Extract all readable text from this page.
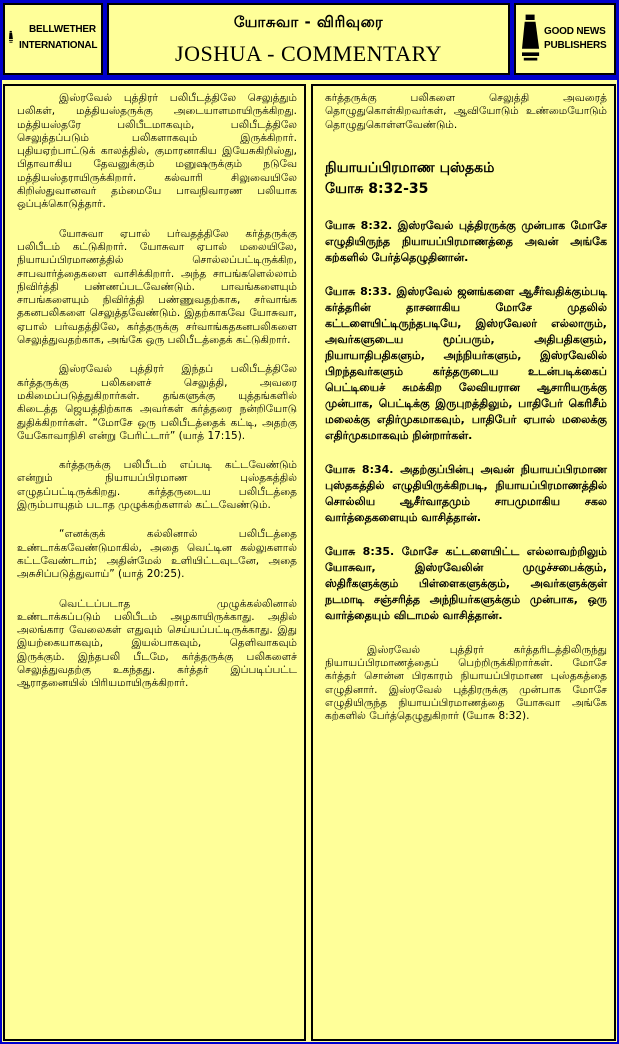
BELLWETHER
INTERNATIONAL
யோசுவா - விரிவுரை
JOSHUA - COMMENTARY
GOOD NEWS
PUBLISHERS

இஸ்ரவேல் புத்திரர் பலிபீடத்திலே செலுத்தும் பலிகள், மத்தியஸ்தருக்கு அடையாளமாயிருக்கிறது. மத்தியஸ்தரே பலிபீடமாகவும், பலிபீடத்திலே செலுத்தப்படும் பலிகளாகவும் இருக்கிறார். புதியஏற்பாட்டுக் காலத்தில், குமாரனாகிய இயேசுகிறிஸ்து, பிதாவாகிய தேவனுக்கும் மனுஷருக்கும் நடுவே மத்தியஸ்தராயிருக்கிறார். கல்வாரி சிலுவையிலே கிறிஸ்துவானவர் தம்மையே பாவநிவாரண பலியாக ஒப்புக்கொடுத்தார்.

யோசுவா ஏபால் பர்வதத்திலே கர்த்தருக்கு பலிபீடம் கட்டுகிறார். யோசுவா ஏபால் மலையிலே, நியாயப்பிரமாணத்தில் சொல்லப்பட்டிருக்கிற, சாபவார்த்தைகளை வாசிக்கிறார். அந்த சாபங்களெல்லாம் நிவிர்த்தி பண்ணப்படவேண்டும். பாவங்களையும் சாபங்களையும் நிவிர்த்தி பண்ணுவதற்காக, சர்வாங்க தகனபலிகளை செலுத்தவேண்டும். இதற்காகவே யோசுவா, ஏபால் பர்வதத்திலே, கர்த்தருக்கு சர்வாங்கதகனபலிகளை செலுத்துவதற்காக, அங்கே ஒரு பலிபீடத்தைக் கட்டுகிறார்.

இஸ்ரவேல் புத்திரர் இந்தப் பலிபீடத்திலே கர்த்தருக்கு பலிகளைச் செலுத்தி, அவரை மகிமைப்படுத்துகிறார்கள். தங்களுக்கு யுத்தங்களில் கிடைத்த ஜெயத்திற்காக அவர்கள் கர்த்தரை நன்றியோடு துதிக்கிறார்கள். “மோசே ஒரு பலிபீடத்தைக் கட்டி, அதற்கு யேகோவாநிசி என்று பேரிட்டார்” (யாத் 17:15).

கர்த்தருக்கு பலிபீடம் எப்படி கட்டவேண்டும் என்றும் நியாயப்பிரமாண புஸ்தகத்தில் எழுதப்பட்டிருக்கிறது. கர்த்தருடைய பலிபீடத்தை இரும்பாயுதம் படாத முழுக்கற்களால் கட்டவேண்டும்.

“எனக்குக் கல்லினால் பலிபீடத்தை உண்டாக்கவேண்டுமாகில், அதை வெட்டின கல்லுகளால் கட்டவேண்டாம்; அதின்மேல் உளியிட்டவுடனே, அதை அசுசிப்படுத்துவாய்” (யாத் 20:25).

வெட்டப்படாத முழுக்கல்லினால் உண்டாக்கப்படும் பலிபீடம் அழகாயிருக்காது. அதில் அலங்கார வேலைகள் எதுவும் செய்யப்பட்டிருக்காது. இது இயற்கையாகவும், இயல்பாகவும், தெளிவாகவும் இருக்கும். இந்தபலி பீடமே, கர்த்தருக்கு பலிகளைச் செலுத்துவதற்கு உகந்தது. கர்த்தர் இப்படிப்பட்ட ஆராதனையில் பிரியமாயிருக்கிறார்.

கர்த்தருக்கு பலிகளை செலுத்தி அவரைத் தொழுதுகொள்கிறவர்கள், ஆவியோடும் உண்மையோடும் தொழுதுகொள்ளவேண்டும்.

நியாயப்பிரமாண புஸ்தகம்
யோசு 8:32-35

யோசு 8:32. இஸ்ரவேல் புத்திரருக்கு முன்பாக மோசே எழுதியிருந்த நியாயப்பிரமாணத்தை அவன் அங்கே கற்களில் பேர்த்தெழுதினான்.

யோசு 8:33. இஸ்ரவேல் ஜனங்களை ஆசீர்வதிக்கும்படி கர்த்தரின் தாசனாகிய மோசே முதலில் கட்டளையிட்டிருந்தபடியே, இஸ்ரவேலர் எல்லாரும், அவர்களுடைய மூப்பரும், அதிபதிகளும், நியாயாதிபதிகளும், அந்நியர்களும், இஸ்ரவேலில் பிறந்தவர்களும் கர்த்தருடைய உடன்படிக்கைப் பெட்டியைச் சுமக்கிற லேவியரான ஆசாரியருக்கு முன்பாக, பெட்டிக்கு இருபுறத்திலும், பாதிபேர் கெரிசீம் மலைக்கு எதிர்முகமாகவும், பாதிபேர் ஏபால் மலைக்கு எதிர்முகமாகவும் நின்றார்கள்.

யோசு 8:34. அதற்குப்பின்பு அவன் நியாயப்பிரமாண புஸ்தகத்தில் எழுதியிருக்கிறபடி, நியாயப்பிரமாணத்தில் சொல்லிய ஆசீர்வாதமும் சாபமுமாகிய சகல வார்த்தைகளையும் வாசித்தான்.

யோசு 8:35. மோசே கட்டளையிட்ட எல்லாவற்றிலும் யோசுவா, இஸ்ரவேலின் முழுச்சபைக்கும், ஸ்திரீகளுக்கும் பிள்ளைகளுக்கும், அவர்களுக்குள் நடமாடி சஞ்சரித்த அந்நியர்களுக்கும் முன்பாக, ஒரு வார்த்தையும் விடாமல் வாசித்தான்.

இஸ்ரவேல் புத்திரர் கர்த்தரிடத்திலிருந்து நியாயப்பிரமாணத்தைப் பெற்றிருக்கிறார்கள். மோசே கர்த்தர் சொன்ன பிரகாரம் நியாயப்பிரமாண புஸ்தகத்தை எழுதினார். இஸ்ரவேல் புத்திரருக்கு முன்பாக மோசே எழுதியிருந்த நியாயப்பிரமாணத்தை யோசுவா அங்கே கற்களில் பேர்த்தெழுதுகிறார் (யோசு 8:32).
